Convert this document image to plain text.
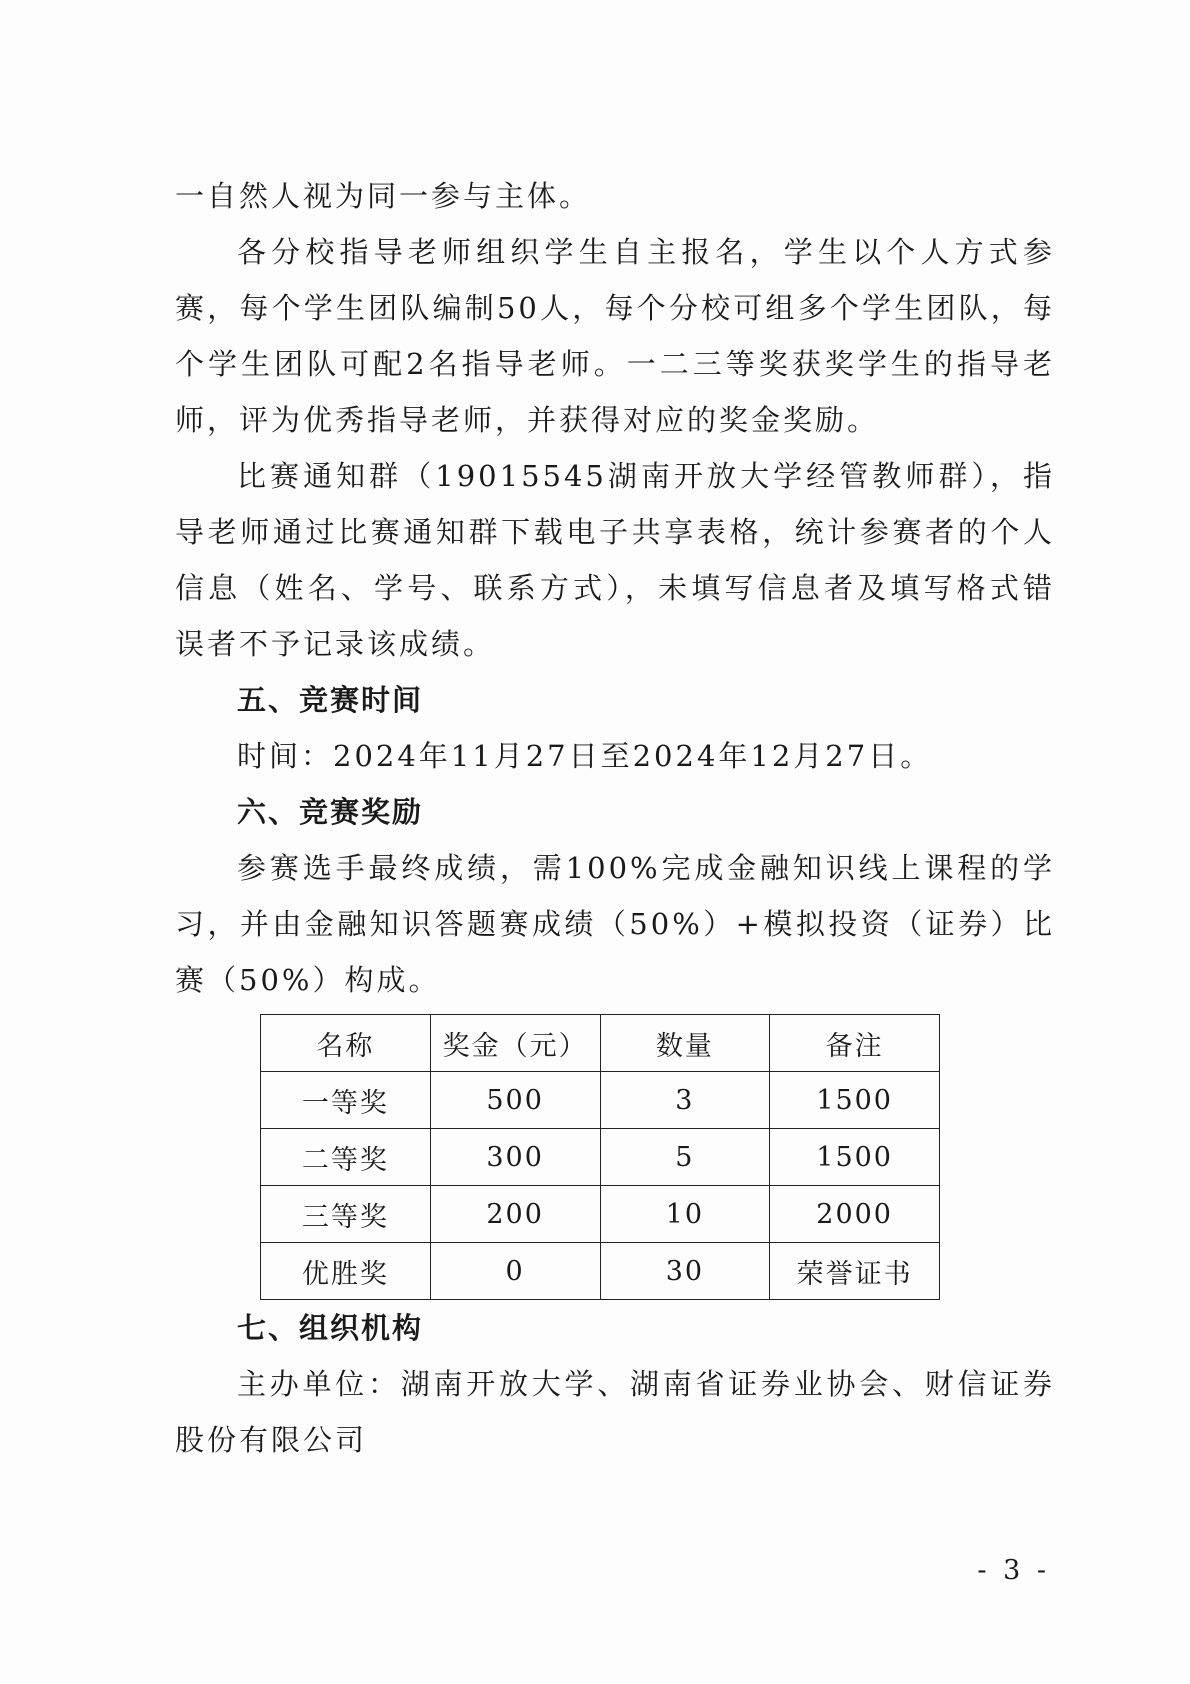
一自然人视为同一参与主体。

各分校指导老师组织学生自主报名，学生以个人方式参赛，每个学生团队编制50人，每个分校可组多个学生团队，每个学生团队可配2名指导老师。一二三等奖获奖学生的指导老师，评为优秀指导老师，并获得对应的奖金奖励。

比赛通知群（19015545湖南开放大学经管教师群），指导老师通过比赛通知群下载电子共享表格，统计参赛者的个人信息（姓名、学号、联系方式），未填写信息者及填写格式错误者不予记录该成绩。

五、竞赛时间

时间：2024年11月27日至2024年12月27日。

六、竞赛奖励

参赛选手最终成绩，需100%完成金融知识线上课程的学习，并由金融知识答题赛成绩（50%）+模拟投资（证券）比赛（50%）构成。

名称	奖金（元）	数量	备注
一等奖	500	3	1500
二等奖	300	5	1500
三等奖	200	10	2000
优胜奖	0	30	荣誉证书
七、组织机构

主办单位：湖南开放大学、湖南省证券业协会、财信证券股份有限公司

- 3 -
